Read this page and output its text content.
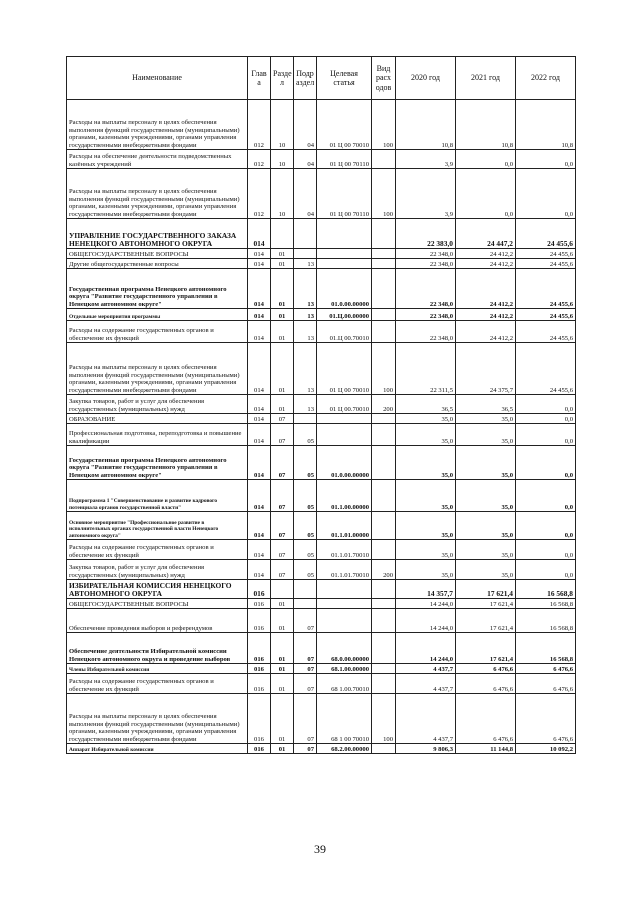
Наименование	Глав а	Разде л	Подр аздел	Целевая статья	Вид расх одов	2020 год	2021 год	2022 год
Расходы на выплаты персоналу в целях обеспечения выполнения функций государственными (муниципальными) органами, казенными учреждениями, органами управления государственными внебюджетными фондами	012	10	04	01 Ц 00 70010	100	10,8	10,8	10,8
Расходы на обеспечение деятельности подведомственных казённых учреждений	012	10	04	01 Ц 00 70110		3,9	0,0	0,0
Расходы на выплаты персоналу в целях обеспечения выполнения функций государственными (муниципальными) органами, казенными учреждениями, органами управления государственными внебюджетными фондами	012	10	04	01 Ц 00 70110	100	3,9	0,0	0,0
УПРАВЛЕНИЕ ГОСУДАРСТВЕННОГО ЗАКАЗА НЕНЕЦКОГО АВТОНОМНОГО ОКРУГА	014					22 383,0	24 447,2	24 455,6
ОБЩЕГОСУДАРСТВЕННЫЕ ВОПРОСЫ	014	01				22 348,0	24 412,2	24 455,6
Другие общегосударственные вопросы	014	01	13			22 348,0	24 412,2	24 455,6
Государственная программа Ненецкого автономного округа "Развитие государственного управления в Ненецком автономном округе"	014	01	13	01.0.00.00000		22 348,0	24 412,2	24 455,6
Отдельные мероприятия программы	014	01	13	01.Ц.00.00000		22 348,0	24 412,2	24 455,6
Расходы на содержание государственных органов и обеспечение их функций	014	01	13	01.Ц 00.70010		22 348,0	24 412,2	24 455,6
Расходы на выплаты персоналу в целях обеспечения выполнения функций государственными (муниципальными) органами, казенными учреждениями, органами управления государственными внебюджетными фондами	014	01	13	01 Ц 00 70010	100	22 311,5	24 375,7	24 455,6
Закупка товаров, работ и услуг для обеспечения государственных (муниципальных) нужд	014	01	13	01 Ц 00.70010	200	36,5	36,5	0,0
ОБРАЗОВАНИЕ	014	07				35,0	35,0	0,0
Профессиональная подготовка, переподготовка и повышение квалификации	014	07	05			35,0	35,0	0,0
Государственная программа Ненецкого автономного округа "Развитие государственного управления в Ненецком автономном округе"	014	07	05	01.0.00.00000		35,0	35,0	0,0
Подпрограмма 1 "Совершенствование и развитие кадрового потенциала органов государственной власти"	014	07	05	01.1.00.00000		35,0	35,0	0,0
Основное мероприятие "Профессиональное развитие в исполнительных органах государственной власти Ненецкого автономного округа"	014	07	05	01.1.01.00000		35,0	35,0	0,0
Расходы на содержание государственных органов и обеспечение их функций	014	07	05	01.1.01.70010		35,0	35,0	0,0
Закупка товаров, работ и услуг для обеспечения государственных (муниципальных) нужд	014	07	05	01.1.01.70010	200	35,0	35,0	0,0
ИЗБИРАТЕЛЬНАЯ КОМИССИЯ НЕНЕЦКОГО АВТОНОМНОГО ОКРУГА	016					14 357,7	17 621,4	16 568,8
ОБЩЕГОСУДАРСТВЕННЫЕ ВОПРОСЫ	016	01				14 244,0	17 621,4	16 568,8
Обеспечение проведения выборов и референдумов	016	01	07			14 244,0	17 621,4	16 568,8
Обеспечение деятельности Избирательной комиссии Ненецкого автономного округа и проведение выборов	016	01	07	68.0.00.00000		14 244,0	17 621,4	16 568,8
Члены Избирательной комиссии	016	01	07	68.1.00.00000		4 437,7	6 476,6	6 476,6
Расходы на содержание государственных органов и обеспечение их функций	016	01	07	68 1.00.70010		4 437,7	6 476,6	6 476,6
Расходы на выплаты персоналу в целях обеспечения выполнения функций государственными (муниципальными) органами, казенными учреждениями, органами управления государственными внебюджетными фондами	016	01	07	68 1 00 70010	100	4 437,7	6 476,6	6 476,6
Аппарат Избирательной комиссии	016	01	07	68.2.00.00000		9 806,3	11 144,8	10 092,2
39
